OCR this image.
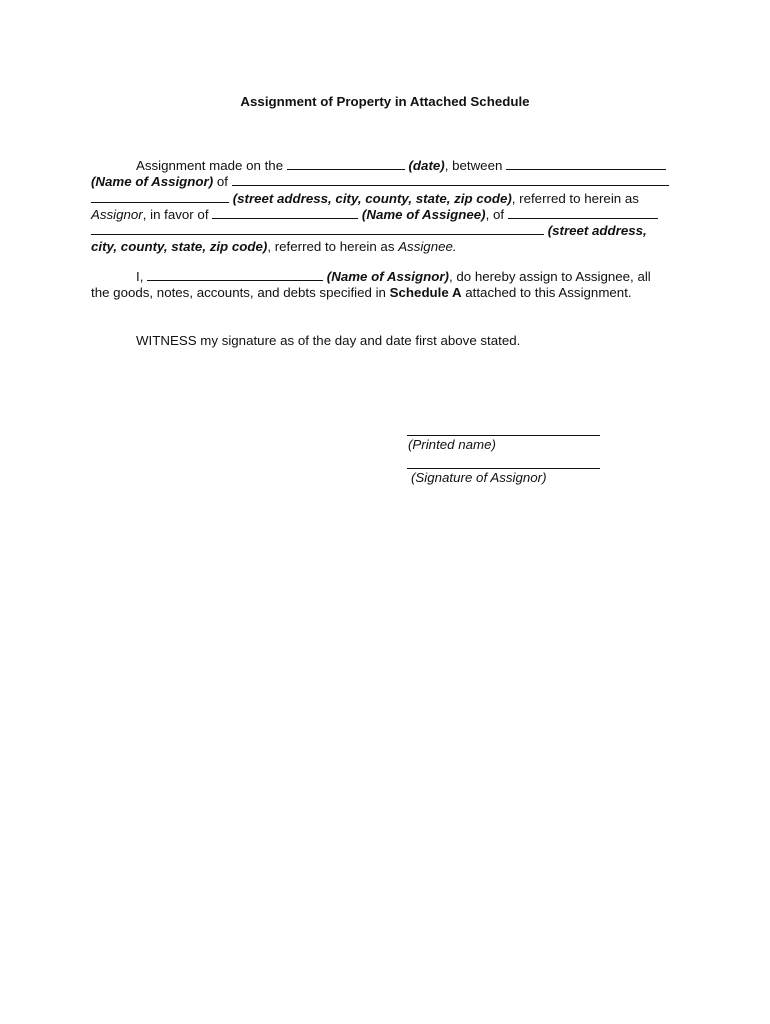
Assignment of Property in Attached Schedule
Assignment made on the	(date), between
(Name of Assignor) of
(street address, city, county, state, zip code), referred to herein as
Assignor, in favor of	(Name of Assignee), of
(street address,
city, county, state, zip code), referred to herein as Assignee.
I,	(Name of Assignor), do hereby assign to Assignee, all
the goods, notes, accounts, and debts specified in Schedule A attached to this Assignment.
WITNESS my signature as of the day and date first above stated.
(Printed name)
(Signature of Assignor)
